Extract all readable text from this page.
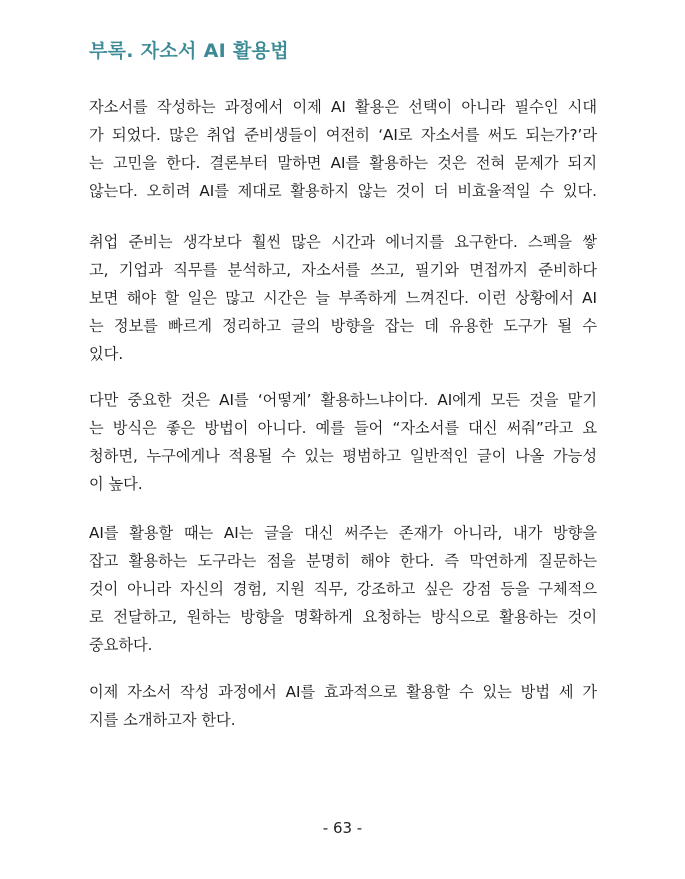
부록. 자소서 AI 활용법
자소서를 작성하는 과정에서 이제 AI 활용은 선택이 아니라 필수인 시대
가 되었다. 많은 취업 준비생들이 여전히 ‘AI로 자소서를 써도 되는가?’라
는 고민을 한다. 결론부터 말하면 AI를 활용하는 것은 전혀 문제가 되지
않는다. 오히려 AI를 제대로 활용하지 않는 것이 더 비효율적일 수 있다.
취업 준비는 생각보다 훨씬 많은 시간과 에너지를 요구한다. 스펙을 쌓
고, 기업과 직무를 분석하고, 자소서를 쓰고, 필기와 면접까지 준비하다
보면 해야 할 일은 많고 시간은 늘 부족하게 느껴진다. 이런 상황에서 AI
는 정보를 빠르게 정리하고 글의 방향을 잡는 데 유용한 도구가 될 수
있다.
다만 중요한 것은 AI를 ‘어떻게’ 활용하느냐이다. AI에게 모든 것을 맡기
는 방식은 좋은 방법이 아니다. 예를 들어 “자소서를 대신 써줘”라고 요
청하면, 누구에게나 적용될 수 있는 평범하고 일반적인 글이 나올 가능성
이 높다.
AI를 활용할 때는 AI는 글을 대신 써주는 존재가 아니라, 내가 방향을
잡고 활용하는 도구라는 점을 분명히 해야 한다. 즉 막연하게 질문하는
것이 아니라 자신의 경험, 지원 직무, 강조하고 싶은 강점 등을 구체적으
로 전달하고, 원하는 방향을 명확하게 요청하는 방식으로 활용하는 것이
중요하다.
이제 자소서 작성 과정에서 AI를 효과적으로 활용할 수 있는 방법 세 가
지를 소개하고자 한다.
- 63 -
